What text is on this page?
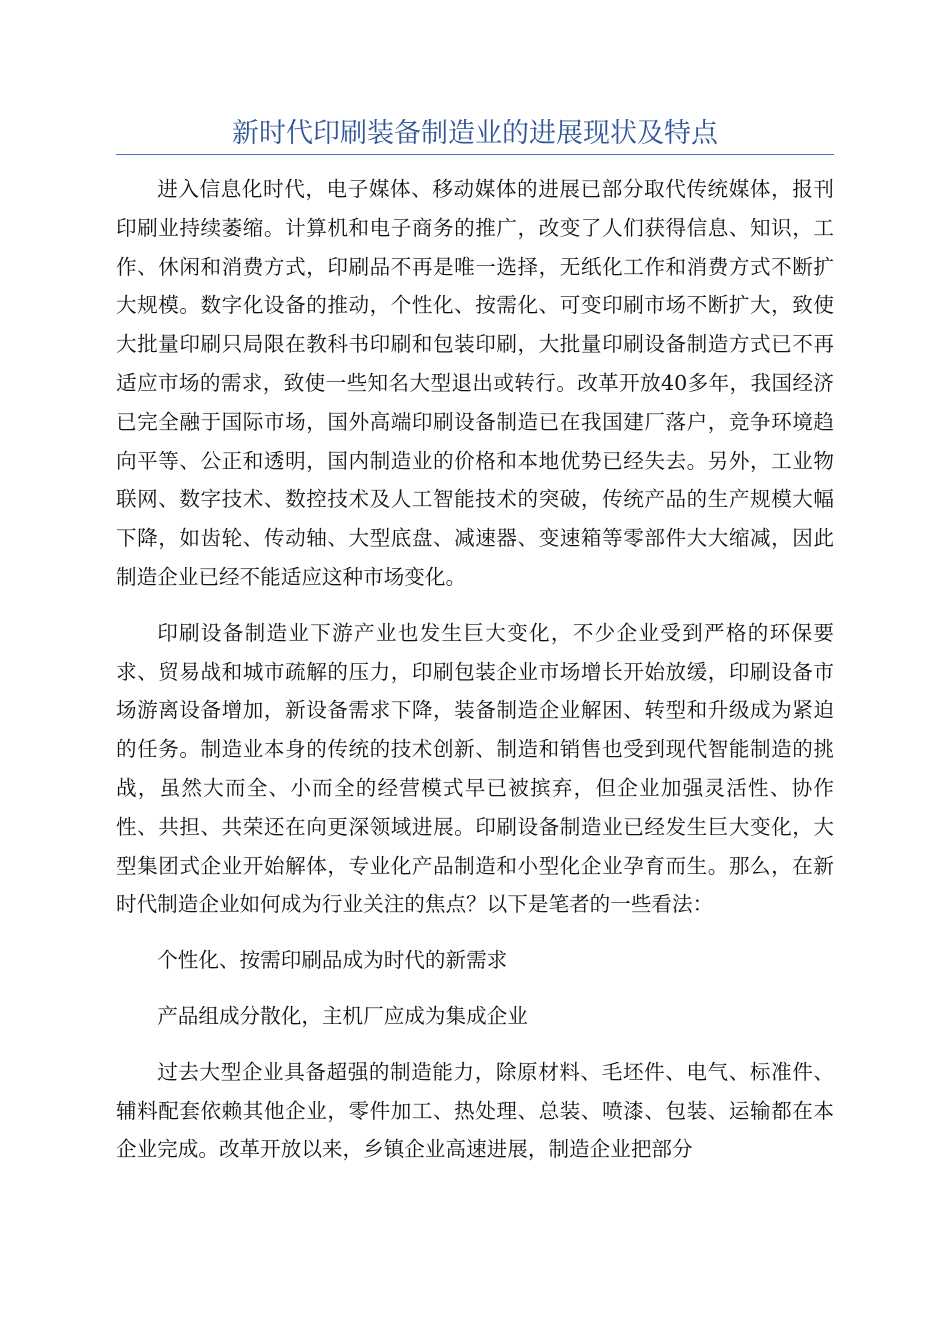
新时代印刷装备制造业的进展现状及特点

进入信息化时代，电子媒体、移动媒体的进展已部分取代传统媒体，报刊印刷业持续萎缩。计算机和电子商务的推广，改变了人们获得信息、知识，工作、休闲和消费方式，印刷品不再是唯一选择，无纸化工作和消费方式不断扩大规模。数字化设备的推动，个性化、按需化、可变印刷市场不断扩大，致使大批量印刷只局限在教科书印刷和包装印刷，大批量印刷设备制造方式已不再适应市场的需求，致使一些知名大型退出或转行。改革开放40多年，我国经济已完全融于国际市场，国外高端印刷设备制造已在我国建厂落户，竞争环境趋向平等、公正和透明，国内制造业的价格和本地优势已经失去。另外，工业物联网、数字技术、数控技术及人工智能技术的突破，传统产品的生产规模大幅下降，如齿轮、传动轴、大型底盘、减速器、变速箱等零部件大大缩减，因此制造企业已经不能适应这种市场变化。

印刷设备制造业下游产业也发生巨大变化，不少企业受到严格的环保要求、贸易战和城市疏解的压力，印刷包装企业市场增长开始放缓，印刷设备市场游离设备增加，新设备需求下降，装备制造企业解困、转型和升级成为紧迫的任务。制造业本身的传统的技术创新、制造和销售也受到现代智能制造的挑战，虽然大而全、小而全的经营模式早已被摈弃，但企业加强灵活性、协作性、共担、共荣还在向更深领域进展。印刷设备制造业已经发生巨大变化，大型集团式企业开始解体，专业化产品制造和小型化企业孕育而生。那么，在新时代制造企业如何成为行业关注的焦点？以下是笔者的一些看法：

个性化、按需印刷品成为时代的新需求

产品组成分散化，主机厂应成为集成企业

过去大型企业具备超强的制造能力，除原材料、毛坯件、电气、标准件、辅料配套依赖其他企业，零件加工、热处理、总装、喷漆、包装、运输都在本企业完成。改革开放以来，乡镇企业高速进展，制造企业把部分
